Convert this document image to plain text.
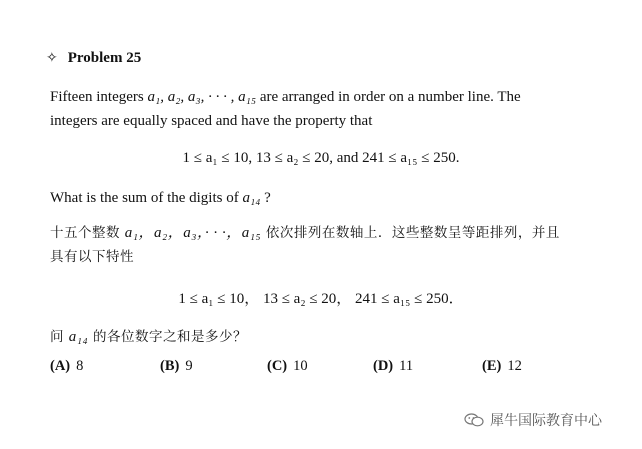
✧ Problem 25
Fifteen integers a₁, a₂, a₃, · · · , a₁₅ are arranged in order on a number line. The
integers are equally spaced and have the property that
1 ≤ a₁ ≤ 10, 13 ≤ a₂ ≤ 20, and 241 ≤ a₁₅ ≤ 250.
What is the sum of the digits of a₁₄ ?
十五个整数 a₁，a₂，a₃，· · ·，a₁₅ 依次排列在数轴上．这些整数呈等距排列，并且
具有以下特性
1 ≤ a₁ ≤ 10， 13 ≤ a₂ ≤ 20， 241 ≤ a₁₅ ≤ 250．
问 a₁₄ 的各位数字之和是多少？
(A) 8	(B) 9	(C) 10	(D) 11	(E) 12
犀牛国际教育中心
